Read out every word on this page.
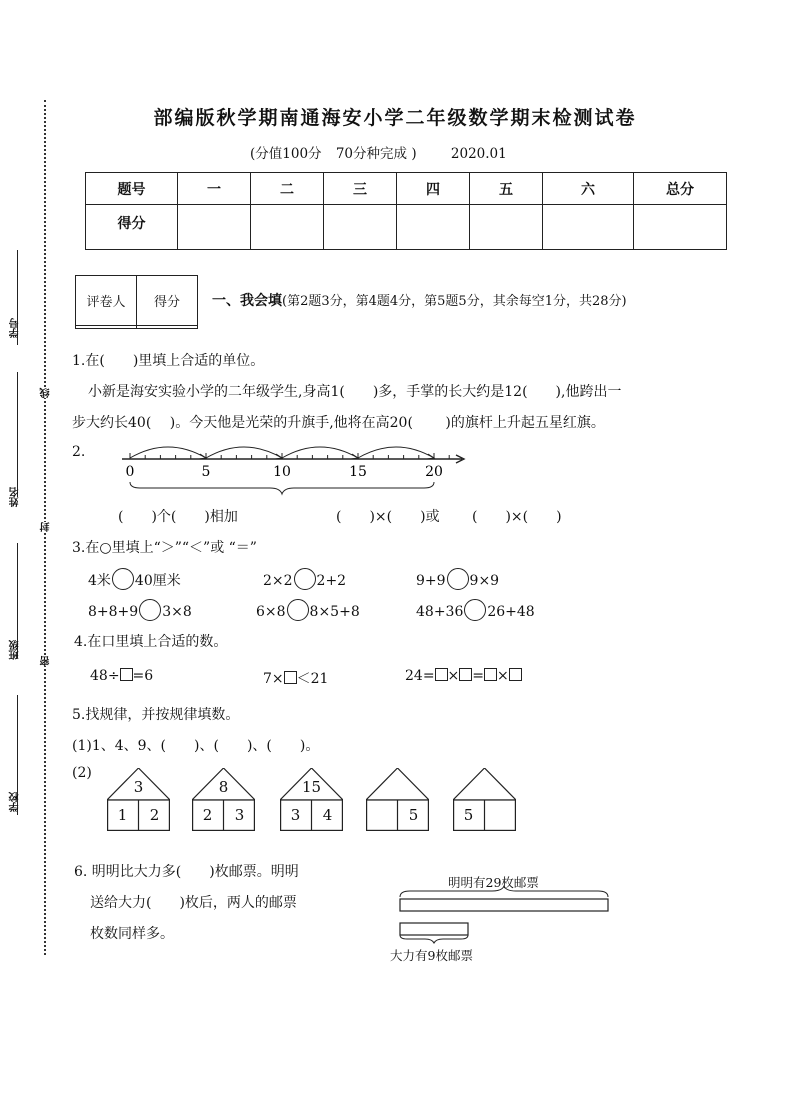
部编版秋学期南通海安小学二年级数学期末检测试卷
(分值100分 70分种完成 )	2020.01
学号
姓名
班级
学校
线
封
密
题号	一	二	三	四	五	六	总分
得分							
评卷人	得分
	一、我会填(第2题3分，第4题4分，第5题5分，其余每空1分，共28分)
1.在(　　)里填上合适的单位。
小新是海安实验小学的二年级学生,身高1(　　)多，手掌的长大约是12(　　),他跨出一
步大约长40(　 )。今天他是光荣的升旗手,他将在高20(　　 )的旗杆上升起五星红旗。
2.
0	5	10	15	20
(　　)个(　　)相加	(　　)×(　　)或 (　　)×(　　)
3.在○里填上“＞”“＜”或 “＝”
4米 40厘米	2×2 2+2	9+9 9×9
8+8+9 3×8	6×8 8×5+8	48+36 26+48
4.在口里填上合适的数。
48÷ =6	7× ＜21	24= × = ×
5.找规律，并按规律填数。
(1)1、4、9、(　　)、(　　)、(　　)。
(2)
3
1	2
8
2	3
15
3	4	5	5
6. 明明比大力多(　　)枚邮票。明明
送给大力(　　)枚后，两人的邮票
枚数同样多。
明明有29枚邮票
大力有9枚邮票
